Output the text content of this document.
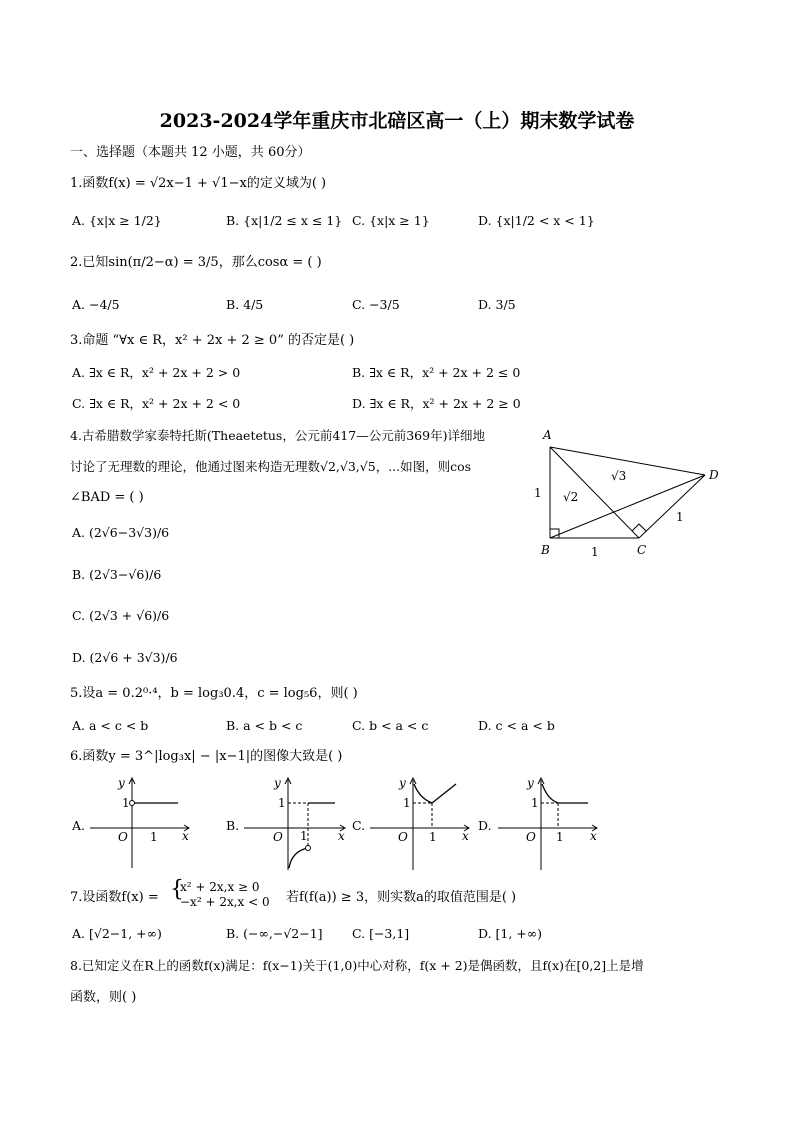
2023-2024学年重庆市北碚区高一（上）期末数学试卷
一、选择题（本题共 12 小题，共 60分）
1.函数f(x) = √2x−1 + √1−x的定义域为( )
A. {x|x ≥ 1/2}	B. {x|1/2 ≤ x ≤ 1} C. {x|x ≥ 1}	D. {x|1/2 < x < 1}
2.已知sin(π/2−α) = 3/5，那么cosα = ( )
A. −4/5	B. 4/5	C. −3/5	D. 3/5
3.命题 “∀x ∈ R，x² + 2x + 2 ≥ 0” 的否定是( )
A. ∃x ∈ R，x² + 2x + 2 > 0	B. ∃x ∈ R，x² + 2x + 2 ≤ 0
C. ∃x ∈ R，x² + 2x + 2 < 0	D. ∃x ∈ R，x² + 2x + 2 ≥ 0
4.古希腊数学家泰特托斯(Theaetetus，公元前417—公元前369年)详细地
讨论了无理数的理论，他通过图来构造无理数√2,√3,√5，...如图，则cos
∠BAD = ( )
A. (2√6−3√3)/6
B. (2√3−√6)/6
C. (2√3 + √6)/6
D. (2√6 + 3√3)/6
A
B	C
D
1
1
1
√2
√3
5.设a = 0.2⁰·⁴，b = log₃0.4，c = log₅6，则( )
A. a < c < b	B. a < b < c	C. b < a < c	D. c < a < b
6.函数y = 3^|log₃x| − |x−1|的图像大致是( )
A.	B.	C.	D.
y
x
O
1
1
y
x
O
1
1
y
x
O
1
1
y
x
O
1
1
7.设函数f(x) = {
x² + 2x,x ≥ 0
−x² + 2x,x < 0 若f(f(a)) ≥ 3，则实数a的取值范围是( )
A. [√2−1, +∞)	B. (−∞,−√2−1] C. [−3,1]	D. [1, +∞)
8.已知定义在R上的函数f(x)满足：f(x−1)关于(1,0)中心对称，f(x + 2)是偶函数，且f(x)在[0,2]上是增
函数，则( )
